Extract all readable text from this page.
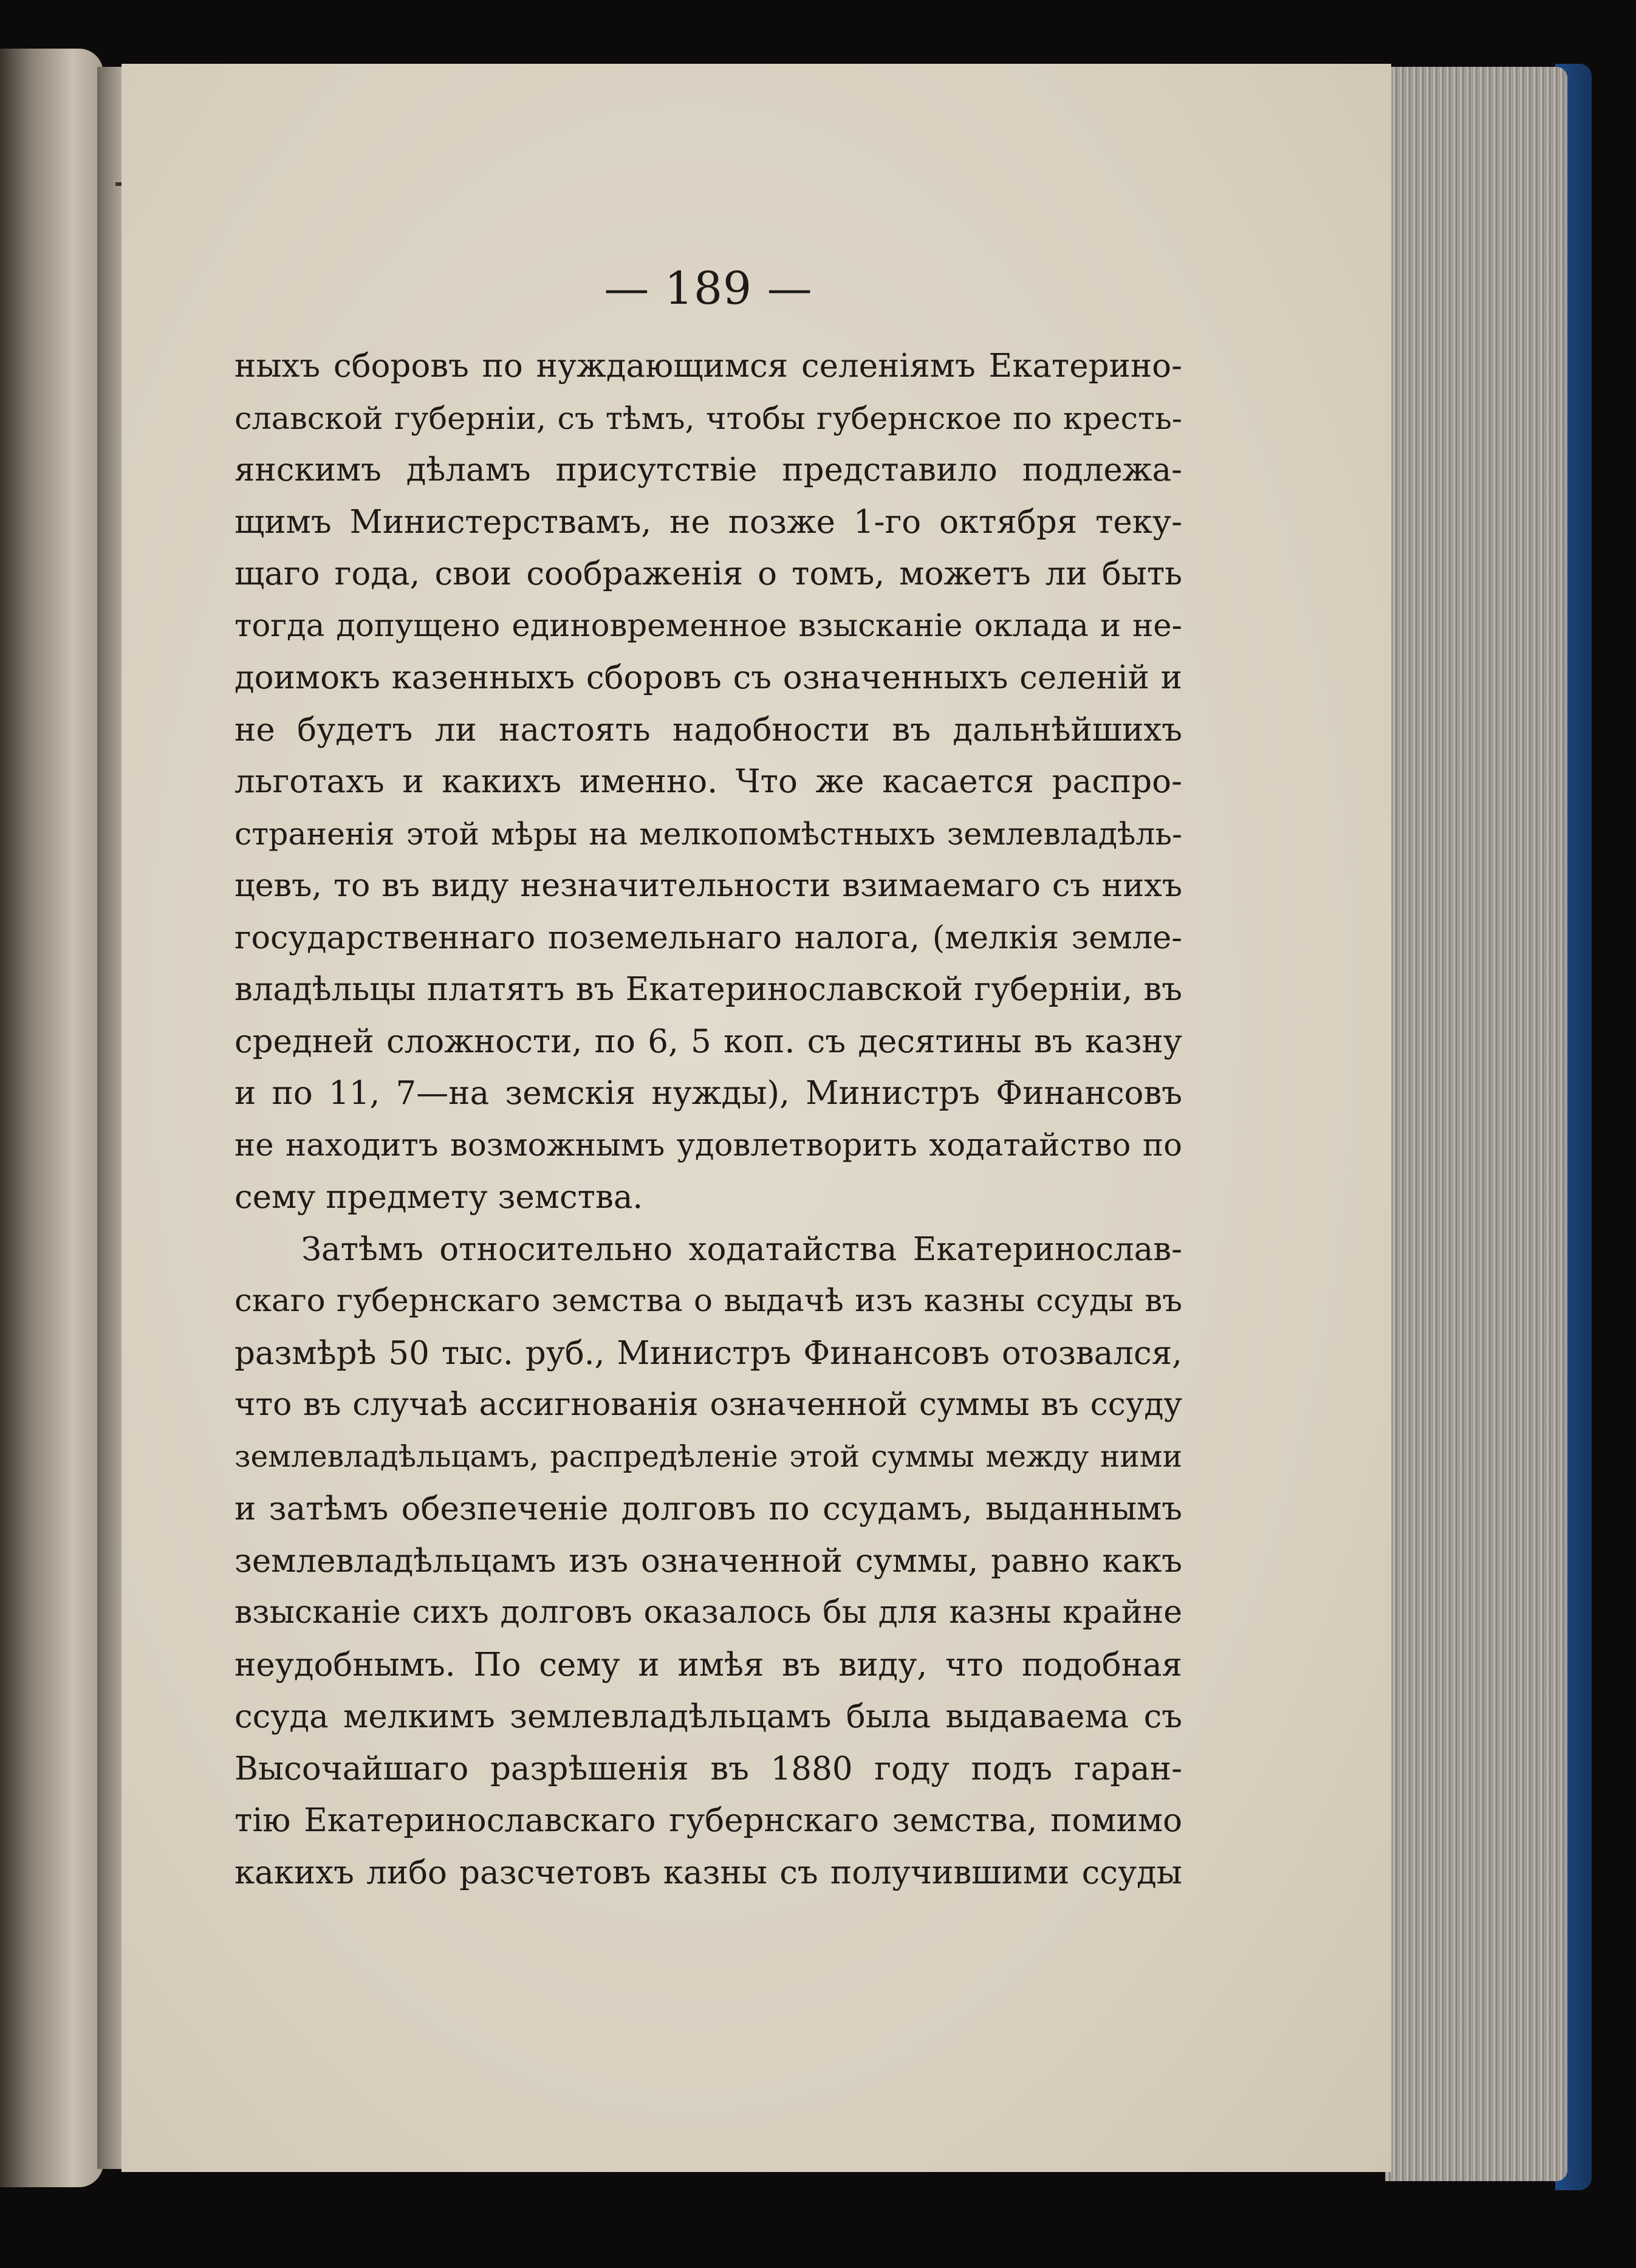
— 189 —

ныхъ сборовъ по нуждающимся селеніямъ Екатерино-
славской губерніи, съ тѣмъ, чтобы губернское по кресть-
янскимъ дѣламъ присутствіе представило подлежа-
щимъ Министерствамъ, не позже 1-го октября теку-
щаго года, свои соображенія о томъ, можетъ ли быть
тогда допущено единовременное взысканіе оклада и не-
доимокъ казенныхъ сборовъ съ означенныхъ селеній и
не будетъ ли настоять надобности въ дальнѣйшихъ
льготахъ и какихъ именно. Что же касается распро-
страненія этой мѣры на мелкопомѣстныхъ землевладѣль-
цевъ, то въ виду незначительности взимаемаго съ нихъ
государственнаго поземельнаго налога, (мелкія земле-
владѣльцы платятъ въ Екатеринославской губерніи, въ
средней сложности, по 6, 5 коп. съ десятины въ казну
и по 11, 7—на земскія нужды), Министръ Финансовъ
не находитъ возможнымъ удовлетворить ходатайство по
сему предмету земства.

Затѣмъ относительно ходатайства Екатеринослав-
скаго губернскаго земства о выдачѣ изъ казны ссуды въ
размѣрѣ 50 тыс. руб., Министръ Финансовъ отозвался,
что въ случаѣ ассигнованія означенной суммы въ ссуду
землевладѣльцамъ, распредѣленіе этой суммы между ними
и затѣмъ обезпеченіе долговъ по ссудамъ, выданнымъ
землевладѣльцамъ изъ означенной суммы, равно какъ
взысканіе сихъ долговъ оказалось бы для казны крайне
неудобнымъ. По сему и имѣя въ виду, что подобная
ссуда мелкимъ землевладѣльцамъ была выдаваема съ
Высочайшаго разрѣшенія въ 1880 году подъ гаран-
тію Екатеринославскаго губернскаго земства, помимо
какихъ либо разсчетовъ казны съ получившими ссуды
